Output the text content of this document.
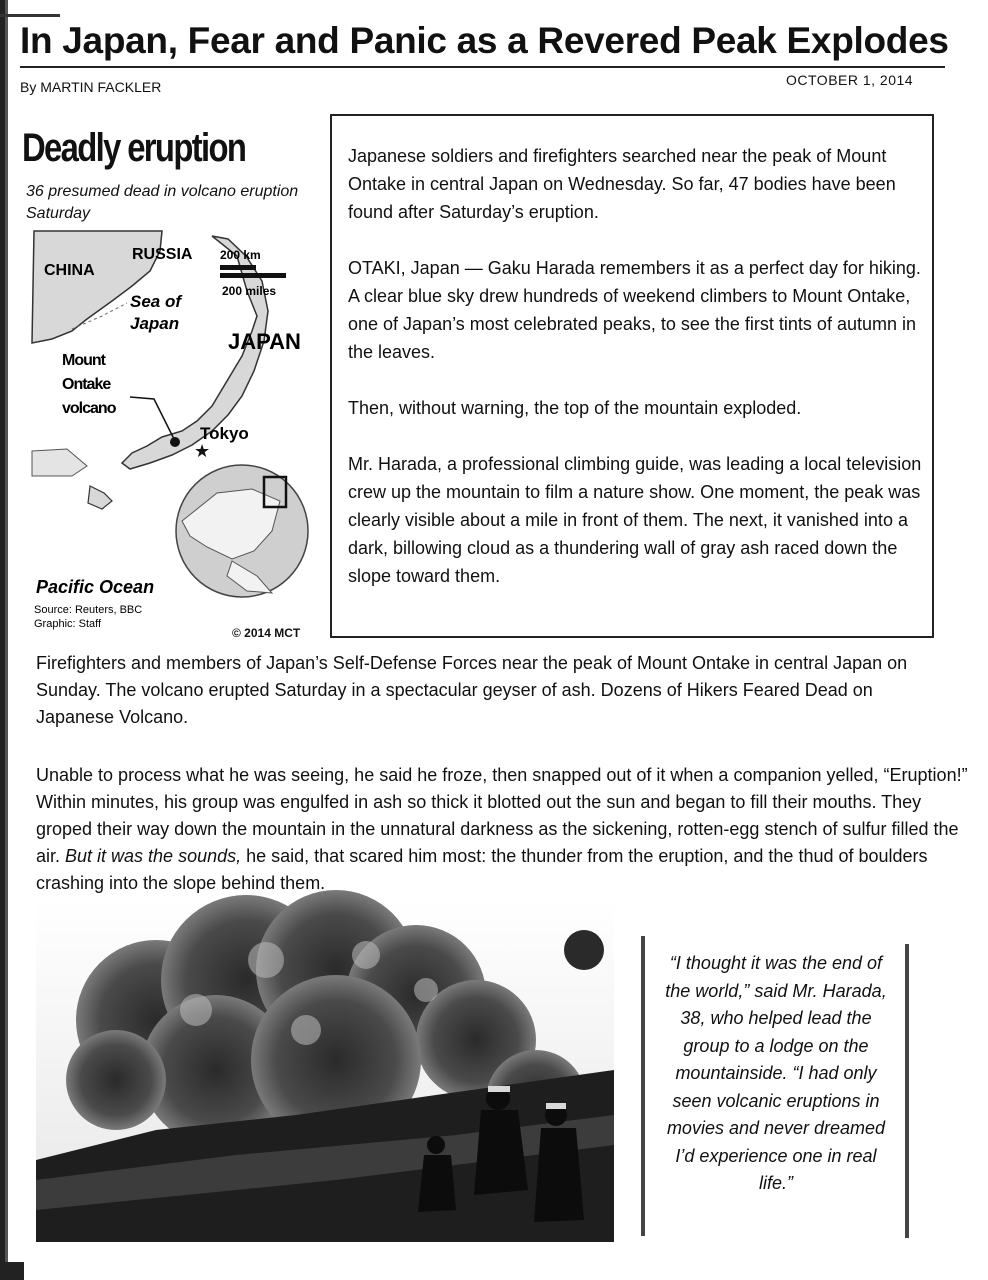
In Japan, Fear and Panic as a Revered Peak Explodes
By MARTIN FACKLER	OCTOBER 1, 2014
Deadly eruption
36 presumed dead in volcano eruption Saturday
CHINA
RUSSIA 200 km
200 miles
Sea of
Japan
JAPAN
Mount
Ontake
volcano
Tokyo
★
Pacific Ocean
Source: Reuters, BBC
Graphic: Staff
© 2014 MCT

Japanese soldiers and firefighters searched near the peak of Mount Ontake in central Japan on Wednesday. So far, 47 bodies have been found after Saturday’s eruption.

OTAKI, Japan — Gaku Harada remembers it as a perfect day for hiking. A clear blue sky drew hundreds of weekend climbers to Mount Ontake, one of Japan’s most celebrated peaks, to see the first tints of autumn in the leaves.

Then, without warning, the top of the mountain exploded.

Mr. Harada, a professional climbing guide, was leading a local television crew up the mountain to film a nature show. One moment, the peak was clearly visible about a mile in front of them. The next, it vanished into a dark, billowing cloud as a thundering wall of gray ash raced down the slope toward them.

Firefighters and members of Japan’s Self-Defense Forces near the peak of Mount Ontake in central Japan on Sunday. The volcano erupted Saturday in a spectacular geyser of ash. Dozens of Hikers Feared Dead on Japanese Volcano.

Unable to process what he was seeing, he said he froze, then snapped out of it when a companion yelled, “Eruption!” Within minutes, his group was engulfed in ash so thick it blotted out the sun and began to fill their mouths. They groped their way down the mountain in the unnatural darkness as the sickening, rotten-egg stench of sulfur filled the air. But it was the sounds, he said, that scared him most: the thunder from the eruption, and the thud of boulders crashing into the slope behind them.

“I thought it was the end of the world,” said Mr. Harada, 38, who helped lead the group to a lodge on the mountainside. “I had only seen volcanic eruptions in movies and never dreamed I’d experience one in real life.”
